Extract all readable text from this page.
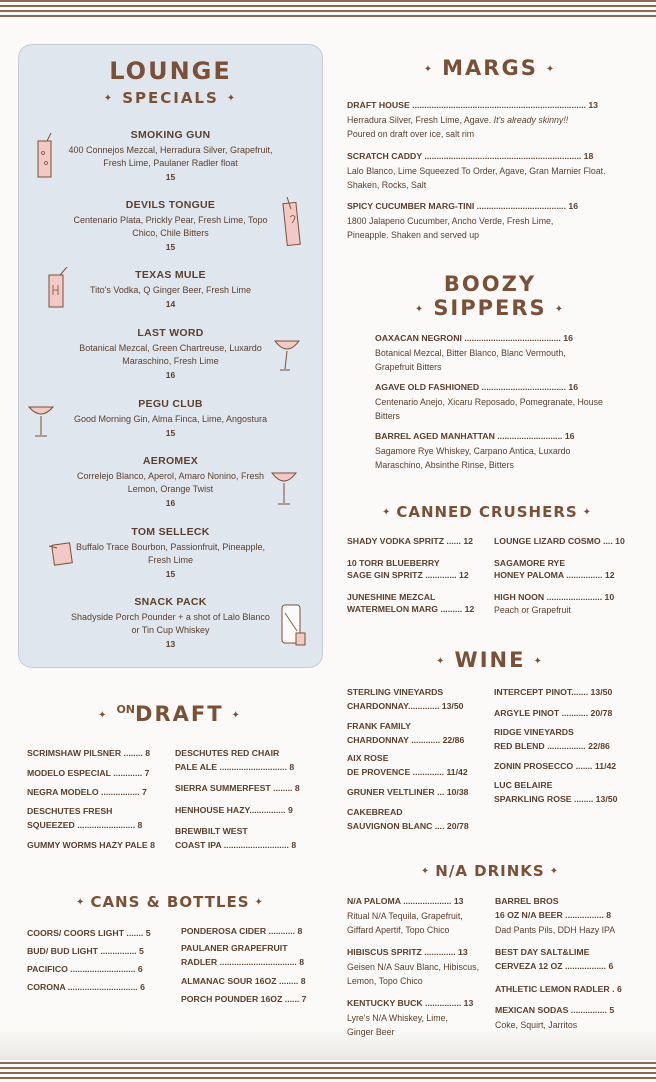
LOUNGE
✦ SPECIALS ✦
SMOKING GUN
400 Connejos Mezcal, Herradura Silver, Grapefruit, Fresh Lime, Paulaner Radler float
15
DEVILS TONGUE
Centenario Plata, Prickly Pear, Fresh Lime, Topo Chico, Chile Bitters
15
TEXAS MULE
Tito's Vodka, Q Ginger Beer, Fresh Lime
14
LAST WORD
Botanical Mezcal, Green Chartreuse, Luxardo Maraschino, Fresh Lime
16
PEGU CLUB
Good Morning Gin, Alma Finca, Lime, Angostura
15
AEROMEX
Correlejo Blanco, Aperol, Amaro Nonino, Fresh Lemon, Orange Twist
16
TOM SELLECK
Buffalo Trace Bourbon, Passionfruit, Pineapple, Fresh Lime
15
SNACK PACK
Shadyside Porch Pounder + a shot of Lalo Blanco or Tin Cup Whiskey
13
✦ MARGS ✦
DRAFT HOUSE ........................................................................ 13
Herradura Silver, Fresh Lime, Agave. It's already skinny!!
Poured on draft over ice, salt rim
SCRATCH CADDY ................................................................. 18
Lalo Blanco, Lime Squeezed To Order, Agave, Gran Marnier Float. Shaken, Rocks, Salt
SPICY CUCUMBER MARG-TINI ..................................... 16
1800 Jalapeno Cucumber, Ancho Verde, Fresh Lime, Pineapple. Shaken and served up
BOOZY
✦ SIPPERS ✦
OAXACAN NEGRONI ........................................ 16
Botanical Mezcal, Bitter Blanco, Blanc Vermouth, Grapefruit Bitters
AGAVE OLD FASHIONED ................................... 16
Centenario Anejo, Xicaru Reposado, Pomegranate, House Bitters
BARREL AGED MANHATTAN ........................... 16
Sagamore Rye Whiskey, Carpano Antica, Luxardo Maraschino, Absinthe Rinse, Bitters
✦ CANNED CRUSHERS ✦
SHADY VODKA SPRITZ ...... 12
10 TORR BLUEBERRY
SAGE GIN SPRITZ ............. 12
JUNESHINE MEZCAL
WATERMELON MARG ......... 12
LOUNGE LIZARD COSMO .... 10
SAGAMORE RYE
HONEY PALOMA ............... 12
HIGH NOON ....................... 10
Peach or Grapefruit
✦ WINE ✦
STERLING VINEYARDS
CHARDONNAY............. 13/50
FRANK FAMILY
CHARDONNAY ............ 22/86
AIX ROSE
DE PROVENCE ............. 11/42
GRUNER VELTLINER ... 10/38
CAKEBREAD
SAUVIGNON BLANC .... 20/78
INTERCEPT PINOT....... 13/50
ARGYLE PINOT ........... 20/78
RIDGE VINEYARDS
RED BLEND ................ 22/86
ZONIN PROSECCO ....... 11/42
LUC BELAIRE
SPARKLING ROSE ........ 13/50
✦ $^{ON}$DRAFT ✦
SCRIMSHAW PILSNER ........ 8
MODELO ESPECIAL ............ 7
NEGRA MODELO ................ 7
DESCHUTES FRESH
SQUEEZED ........................ 8
GUMMY WORMS HAZY PALE 8
DESCHUTES RED CHAIR
PALE ALE ............................ 8
SIERRA SUMMERFEST ........ 8
HENHOUSE HAZY............... 9
BREWBILT WEST
COAST IPA ........................... 8
✦ CANS & BOTTLES ✦
COORS/ COORS LIGHT ....... 5
BUD/ BUD LIGHT ............... 5
PACIFICO ........................... 6
CORONA ............................. 6
PONDEROSA CIDER ........... 8
PAULANER GRAPEFRUIT
RADLER ................................ 8
ALMANAC SOUR 16OZ ........ 8
PORCH POUNDER 16OZ ...... 7
✦ N/A DRINKS ✦
N/A PALOMA .................... 13
Ritual N/A Tequila, Grapefruit, Giffard Apertif, Topo Chico
HIBISCUS SPRITZ ............. 13
Geisen N/A Sauv Blanc, Hibiscus, Lemon, Topo Chico
KENTUCKY BUCK ............... 13
Lyre's N/A Whiskey, Lime, Ginger Beer
BARREL BROS
16 OZ N/A BEER ................ 8
Dad Pants Pils, DDH Hazy IPA
BEST DAY SALT&LIME
CERVEZA 12 OZ ................. 6
ATHLETIC LEMON RADLER . 6
MEXICAN SODAS ............... 5
Coke, Squirt, Jarritos
